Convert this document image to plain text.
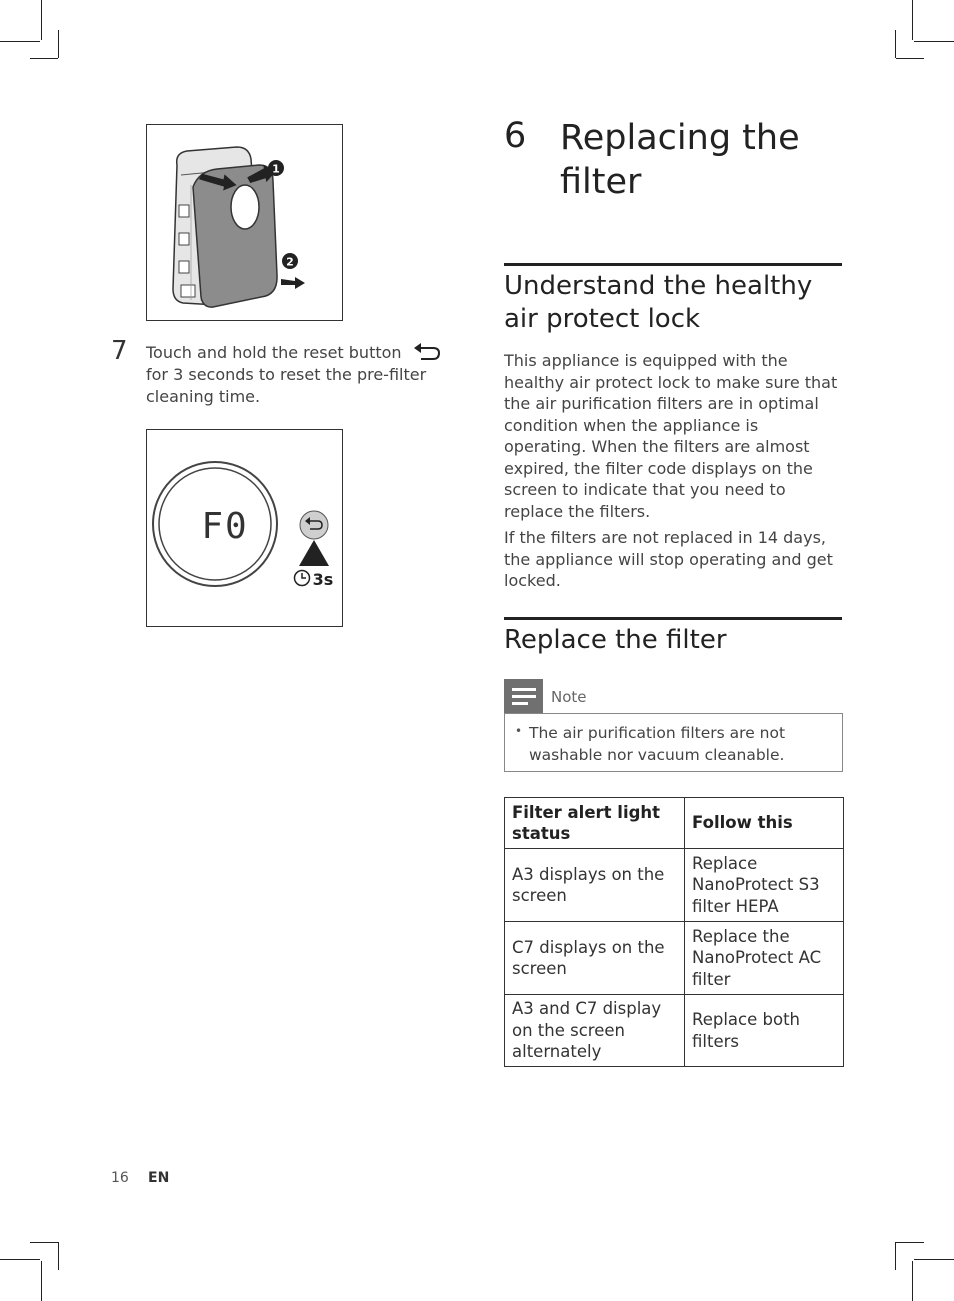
1
2
7 Touch and hold the reset button  for 3 seconds to reset the pre-filter cleaning time.
F0
3s
6 Replacing the filter
Understand the healthy air protect lock
This appliance is equipped with the healthy air protect lock to make sure that the air purification filters are in optimal condition when the appliance is operating. When the filters are almost expired, the filter code displays on the screen to indicate that you need to replace the filters.
If the filters are not replaced in 14 days, the appliance will stop operating and get locked.
Replace the filter
Note
• The air purification filters are not washable nor vacuum cleanable.
Filter alert light status	Follow this
A3 displays on the screen	Replace NanoProtect S3 filter HEPA
C7 displays on the screen	Replace the NanoProtect AC filter
A3 and C7 display on the screen alternately	Replace both filters
16 EN
